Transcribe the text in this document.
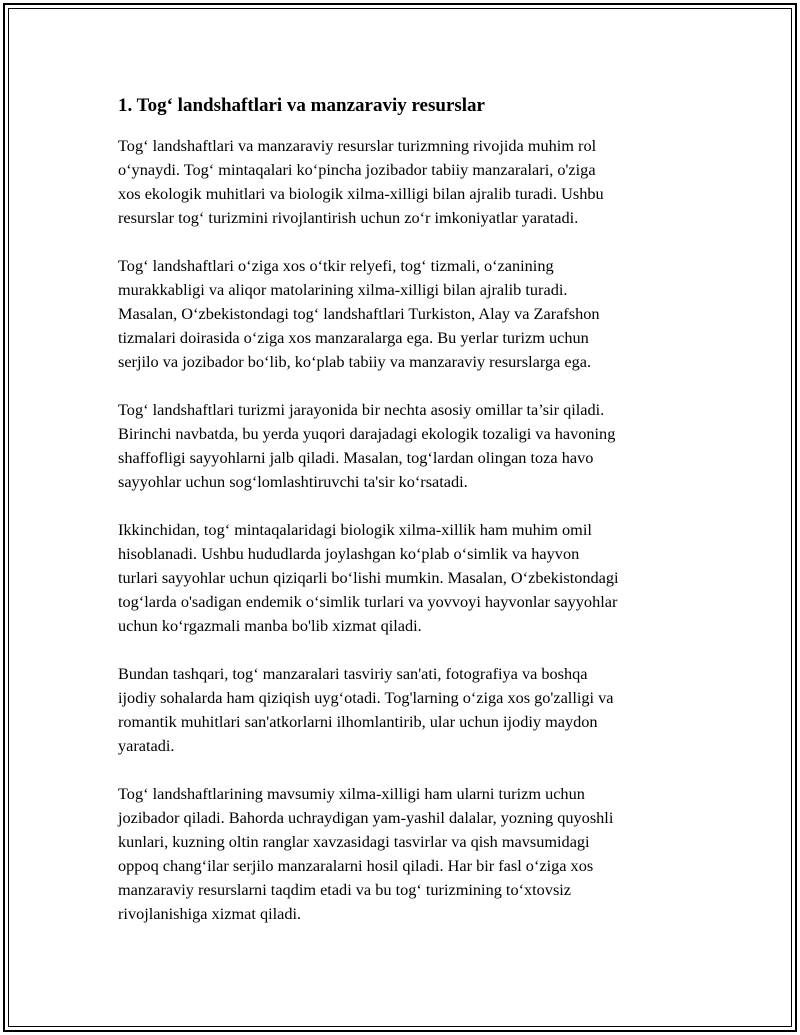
1. Tog‘ landshaftlari va manzaraviy resurslar

Tog‘ landshaftlari va manzaraviy resurslar turizmning rivojida muhim rol
o‘ynaydi. Tog‘ mintaqalari ko‘pincha jozibador tabiiy manzaralari, o'ziga
xos ekologik muhitlari va biologik xilma-xilligi bilan ajralib turadi. Ushbu
resurslar tog‘ turizmini rivojlantirish uchun zo‘r imkoniyatlar yaratadi.

Tog‘ landshaftlari o‘ziga xos o‘tkir relyefi, tog‘ tizmali, o‘zanining
murakkabligi va aliqor matolarining xilma-xilligi bilan ajralib turadi.
Masalan, O‘zbekistondagi tog‘ landshaftlari Turkiston, Alay va Zarafshon
tizmalari doirasida o‘ziga xos manzaralarga ega. Bu yerlar turizm uchun
serjilo va jozibador bo‘lib, ko‘plab tabiiy va manzaraviy resurslarga ega.

Tog‘ landshaftlari turizmi jarayonida bir nechta asosiy omillar ta’sir qiladi.
Birinchi navbatda, bu yerda yuqori darajadagi ekologik tozaligi va havoning
shaffofligi sayyohlarni jalb qiladi. Masalan, tog‘lardan olingan toza havo
sayyohlar uchun sog‘lomlashtiruvchi ta'sir ko‘rsatadi.

Ikkinchidan, tog‘ mintaqalaridagi biologik xilma-xillik ham muhim omil
hisoblanadi. Ushbu hududlarda joylashgan ko‘plab o‘simlik va hayvon
turlari sayyohlar uchun qiziqarli bo‘lishi mumkin. Masalan, O‘zbekistondagi
tog‘larda o'sadigan endemik o‘simlik turlari va yovvoyi hayvonlar sayyohlar
uchun ko‘rgazmali manba bo'lib xizmat qiladi.

Bundan tashqari, tog‘ manzaralari tasviriy san'ati, fotografiya va boshqa
ijodiy sohalarda ham qiziqish uyg‘otadi. Tog'larning o‘ziga xos go'zalligi va
romantik muhitlari san'atkorlarni ilhomlantirib, ular uchun ijodiy maydon
yaratadi.

Tog‘ landshaftlarining mavsumiy xilma-xilligi ham ularni turizm uchun
jozibador qiladi. Bahorda uchraydigan yam-yashil dalalar, yozning quyoshli
kunlari, kuzning oltin ranglar xavzasidagi tasvirlar va qish mavsumidagi
oppoq chang‘ilar serjilo manzaralarni hosil qiladi. Har bir fasl o‘ziga xos
manzaraviy resurslarni taqdim etadi va bu tog‘ turizmining to‘xtovsiz
rivojlanishiga xizmat qiladi.
